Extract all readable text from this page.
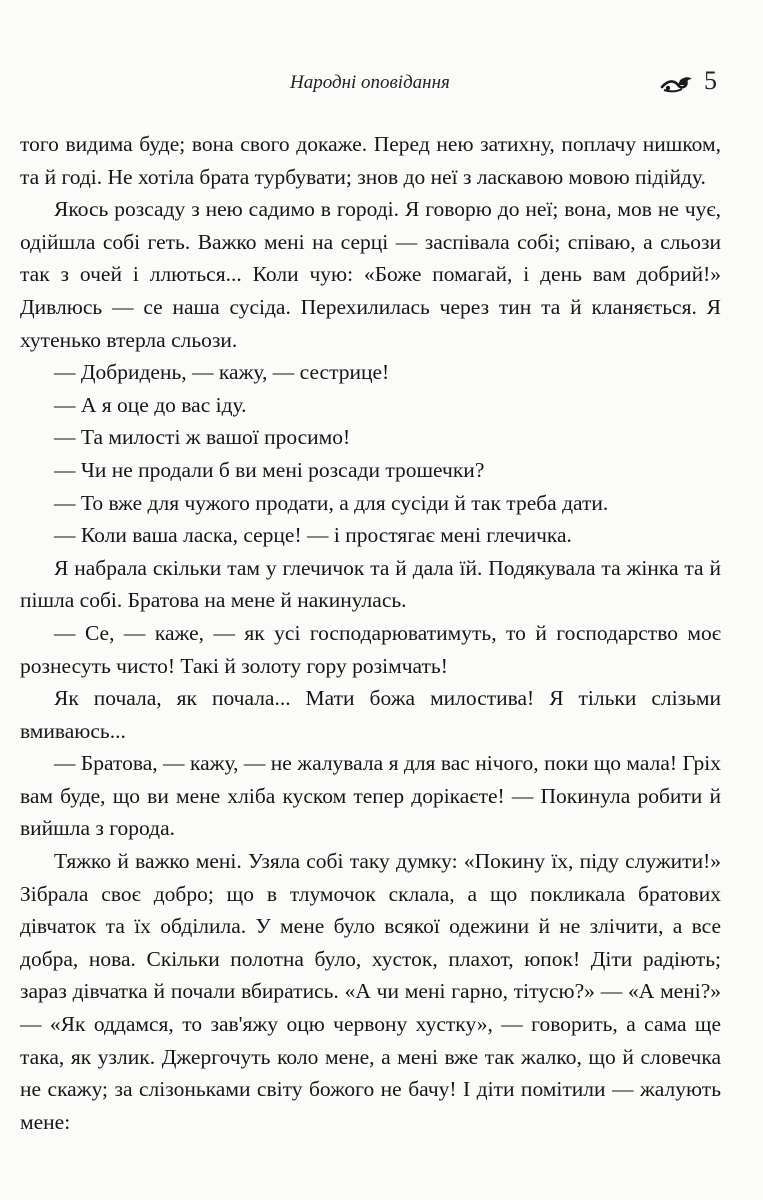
Народні оповідання	5

того видима буде; вона свого докаже. Перед нею затихну, поплачу нишком, та й годі. Не хотіла брата турбувати; знов до неї з ласкавою мовою підійду.

Якось розсаду з нею садимо в городі. Я говорю до неї; вона, мов не чує, одійшла собі геть. Важко мені на серці — заспівала собі; співаю, а сльози так з очей і ллються... Коли чую: «Боже помагай, і день вам добрий!» Дивлюсь — се наша сусіда. Перехилилась через тин та й кланяється. Я хутенько втерла сльози.

— Добридень, — кажу, — сестрице!

— А я оце до вас іду.

— Та милості ж вашої просимо!

— Чи не продали б ви мені розсади трошечки?

— То вже для чужого продати, а для сусіди й так треба дати.

— Коли ваша ласка, серце! — і простягає мені глечичка.

Я набрала скільки там у глечичок та й дала їй. Подякувала та жінка та й пішла собі. Братова на мене й накинулась.

— Се, — каже, — як усі господарюватимуть, то й господарство моє рознесуть чисто! Такі й золоту гору розімчать!

Як почала, як почала... Мати божа милостива! Я тільки слізьми вмиваюсь...

— Братова, — кажу, — не жалувала я для вас нічого, поки що мала! Гріх вам буде, що ви мене хліба куском тепер дорікаєте! — Покинула робити й вийшла з города.

Тяжко й важко мені. Узяла собі таку думку: «Покину їх, піду служити!» Зібрала своє добро; що в тлумочок склала, а що покликала братових дівчаток та їх обділила. У мене було всякої одежини й не злічити, а все добра, нова. Скільки полотна було, хусток, плахот, юпок! Діти радіють; зараз дівчатка й почали вбиратись. «А чи мені гарно, тітусю?» — «А мені?» — «Як оддамся, то зав'яжу оцю червону хустку», — говорить, а сама ще така, як узлик. Джергочуть коло мене, а мені вже так жалко, що й словечка не скажу; за слізоньками світу божого не бачу! І діти помітили — жалують мене:
